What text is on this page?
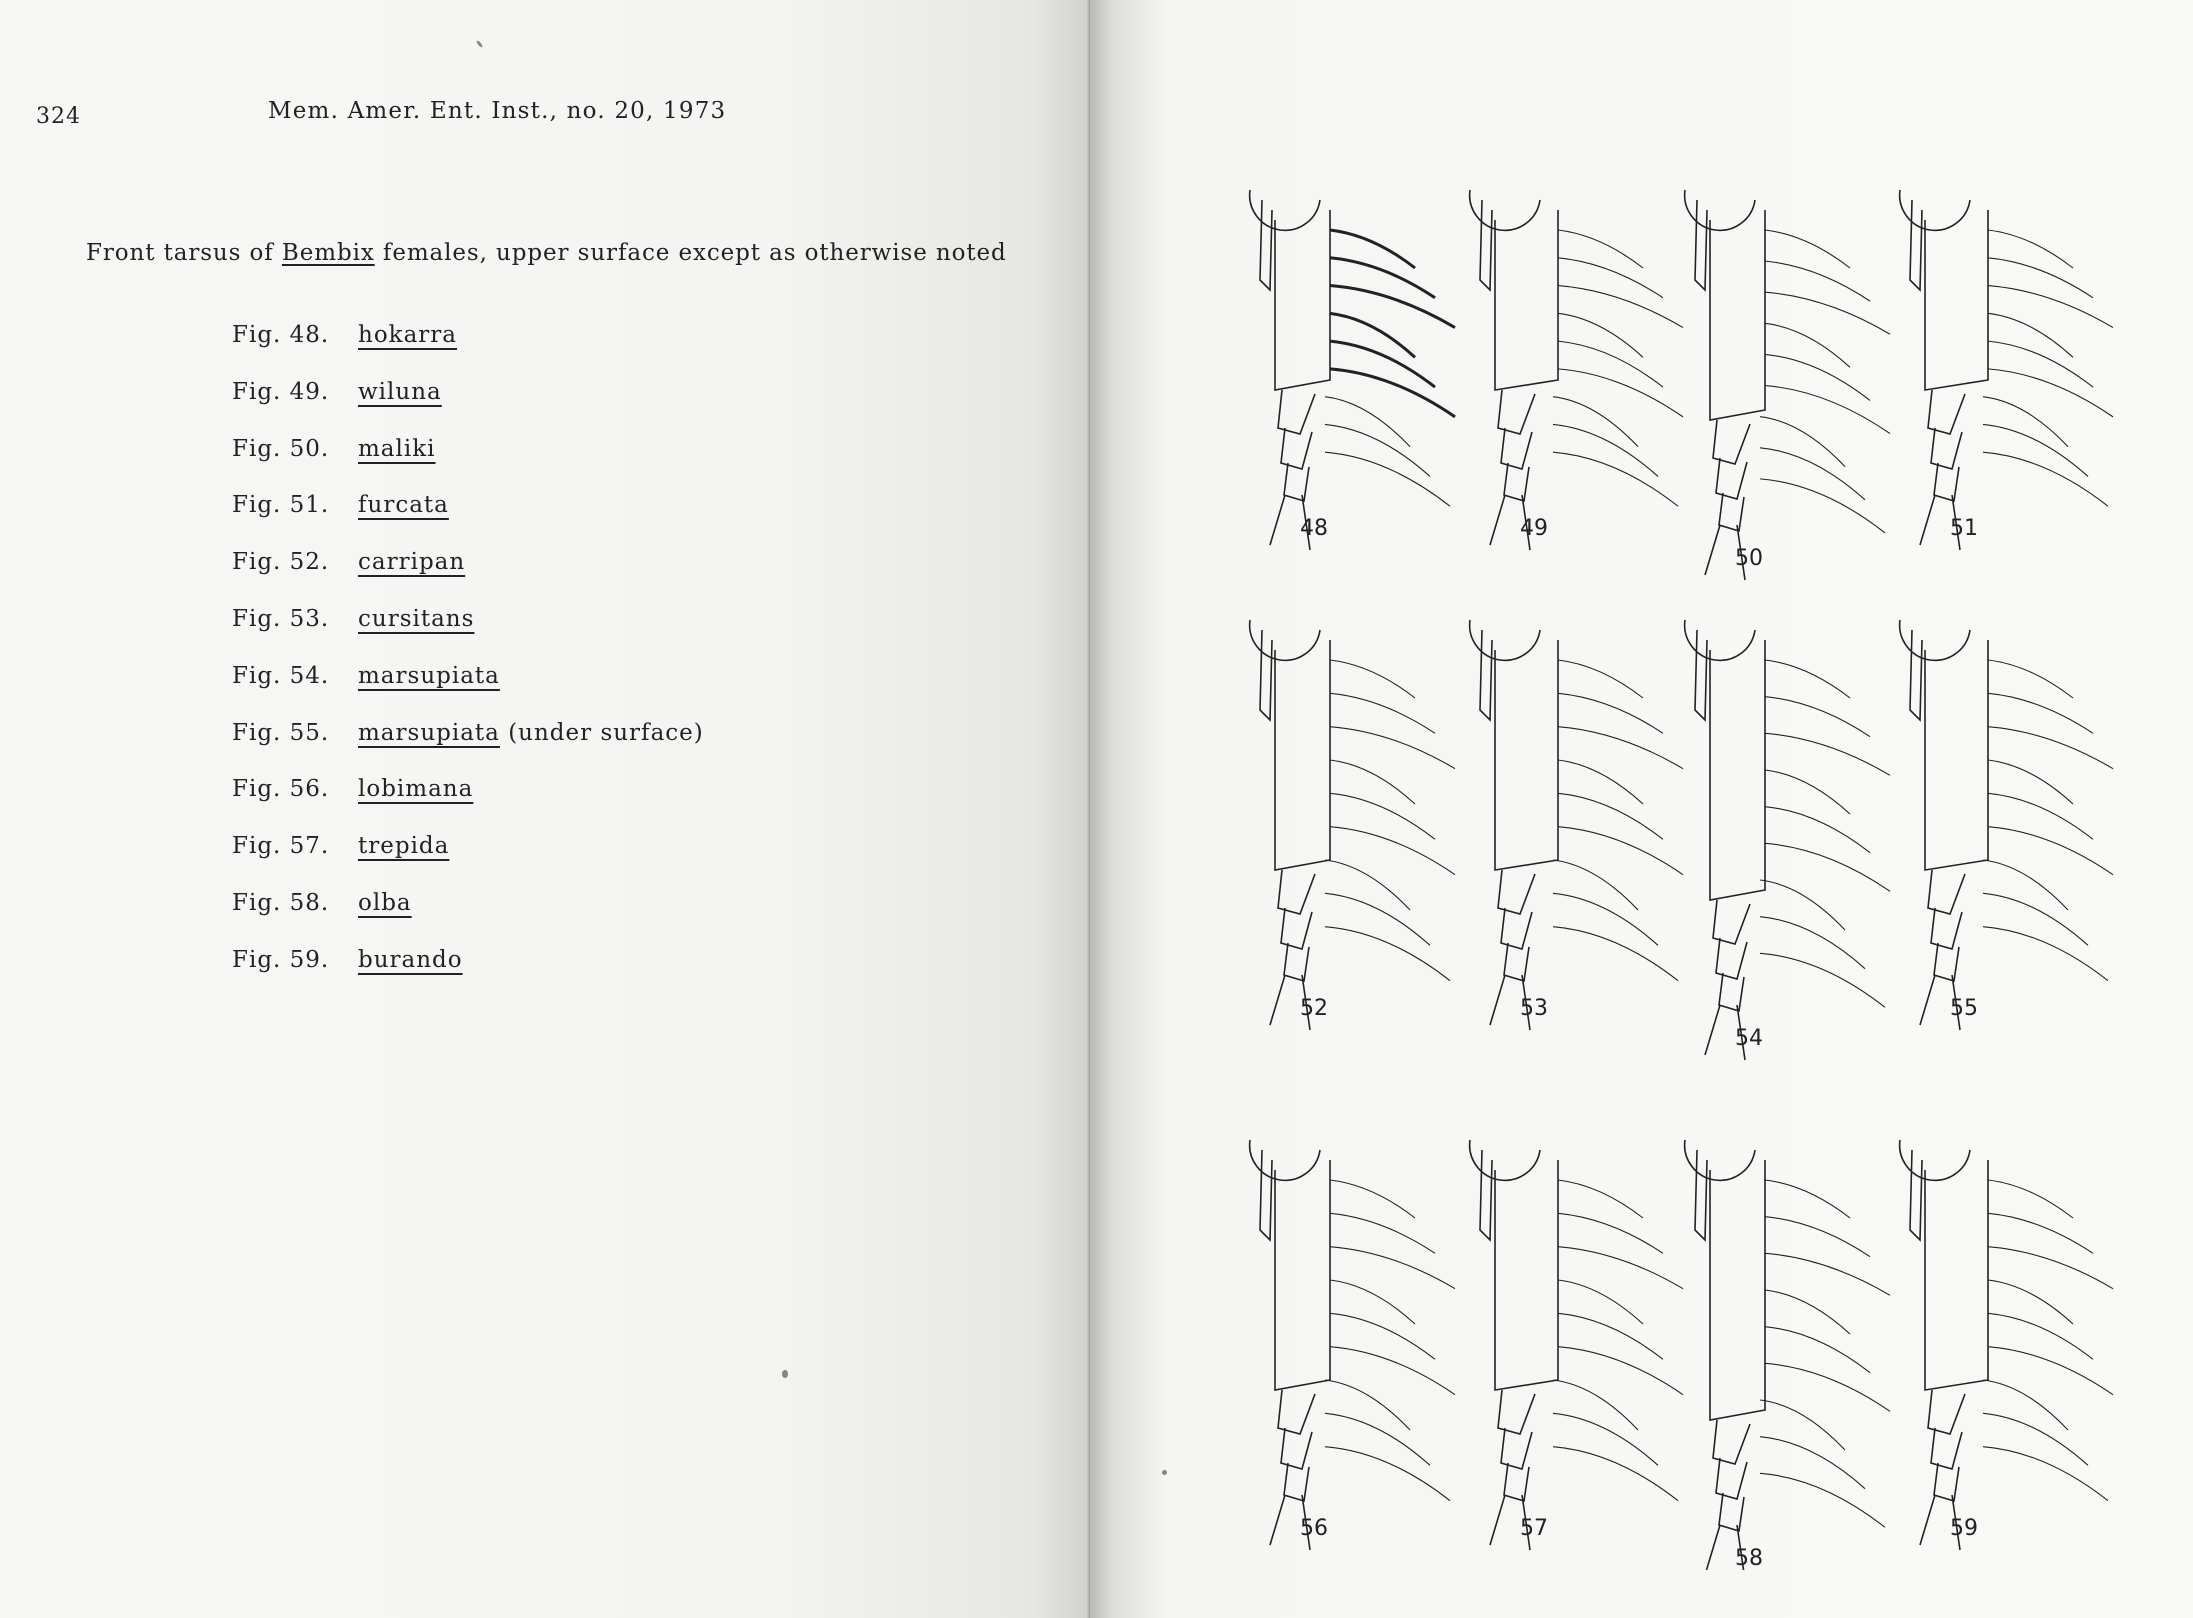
324	Mem. Amer. Ent. Inst., no. 20, 1973
Front tarsus of Bembix females, upper surface except as otherwise noted
Fig. 48. hokarra
Fig. 49. wiluna
Fig. 50. maliki
Fig. 51. furcata
Fig. 52. carripan
Fig. 53. cursitans
Fig. 54. marsupiata
Fig. 55. marsupiata (under surface)
Fig. 56. lobimana
Fig. 57. trepida
Fig. 58. olba
Fig. 59. burando
48	49
50
51
52	53
54
55
56	57
58
59
